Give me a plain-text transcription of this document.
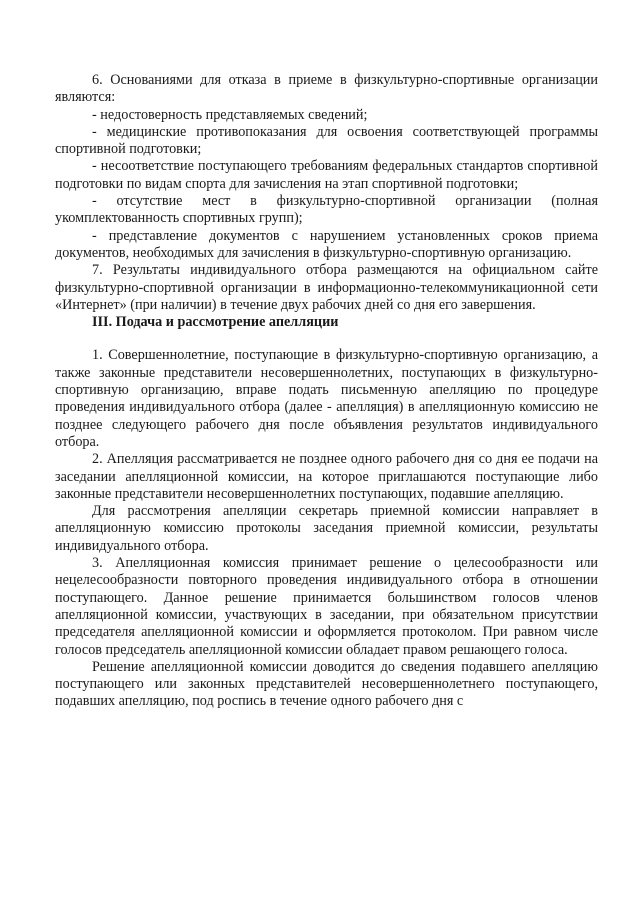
6. Основаниями для отказа в приеме в физкультурно-спортивные организации являются:

- недостоверность представляемых сведений;

- медицинские противопоказания для освоения соответствующей программы спортивной подготовки;

- несоответствие поступающего требованиям федеральных стандартов спортивной подготовки по видам спорта для зачисления на этап спортивной подготовки;

- отсутствие мест в физкультурно-спортивной организации (полная укомплектованность спортивных групп);

- представление документов с нарушением установленных сроков приема документов, необходимых для зачисления в физкультурно-спортивную организацию.

7. Результаты индивидуального отбора размещаются на официальном сайте физкультурно-спортивной организации в информационно-телекоммуникационной сети «Интернет» (при наличии) в течение двух рабочих дней со дня его завершения.

III. Подача и рассмотрение апелляции

1. Совершеннолетние, поступающие в физкультурно-спортивную организацию, а также законные представители несовершеннолетних, поступающих в физкультурно-спортивную организацию, вправе подать письменную апелляцию по процедуре проведения индивидуального отбора (далее - апелляция) в апелляционную комиссию не позднее следующего рабочего дня после объявления результатов индивидуального отбора.

2. Апелляция рассматривается не позднее одного рабочего дня со дня ее подачи на заседании апелляционной комиссии, на которое приглашаются поступающие либо законные представители несовершеннолетних поступающих, подавшие апелляцию.

Для рассмотрения апелляции секретарь приемной комиссии направляет в апелляционную комиссию протоколы заседания приемной комиссии, результаты индивидуального отбора.

3. Апелляционная комиссия принимает решение о целесообразности или нецелесообразности повторного проведения индивидуального отбора в отношении поступающего. Данное решение принимается большинством голосов членов апелляционной комиссии, участвующих в заседании, при обязательном присутствии председателя апелляционной комиссии и оформляется протоколом. При равном числе голосов председатель апелляционной комиссии обладает правом решающего голоса.

Решение апелляционной комиссии доводится до сведения подавшего апелляцию поступающего или законных представителей несовершеннолетнего поступающего, подавших апелляцию, под роспись в течение одного рабочего дня с
